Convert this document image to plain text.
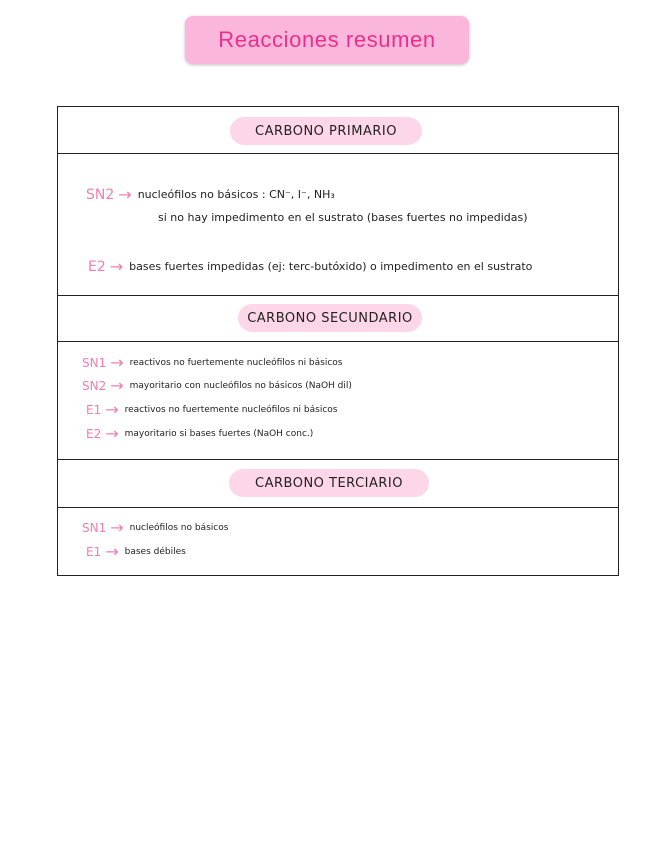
Reacciones resumen
CARBONO PRIMARIO
SN2 → nucleófilos no básicos : CN⁻, I⁻, NH₃
si no hay impedimento en el sustrato (bases fuertes no impedidas)
E2 → bases fuertes impedidas (ej: terc-butóxido) o impedimento en el sustrato
CARBONO SECUNDARIO
SN1 → reactivos no fuertemente nucleófilos ni básicos
SN2 → mayoritario con nucleófilos no básicos (NaOH dil)
E1 → reactivos no fuertemente nucleófilos ni básicos
E2 → mayoritario si bases fuertes (NaOH conc.)
CARBONO TERCIARIO
SN1 → nucleófilos no básicos
E1 → bases débiles
